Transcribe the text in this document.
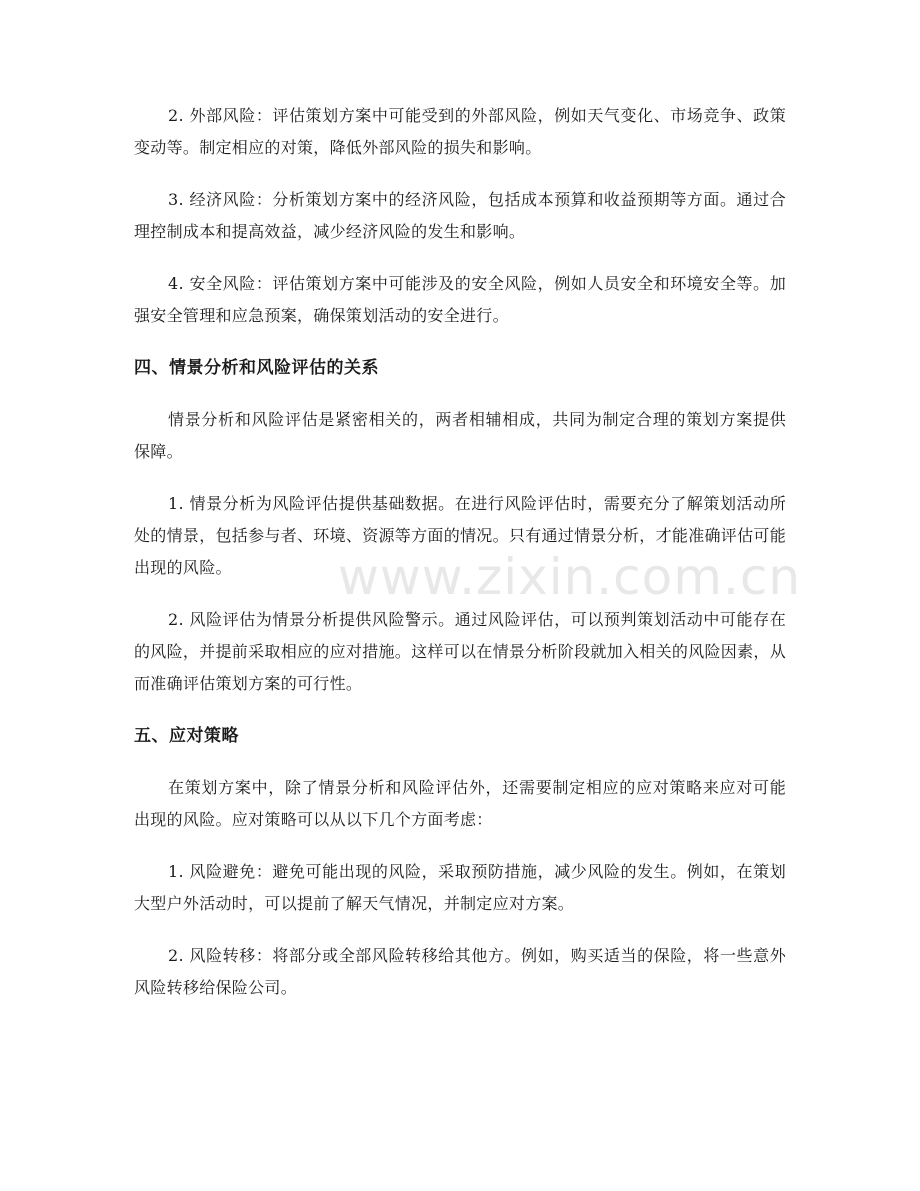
2. 外部风险：评估策划方案中可能受到的外部风险，例如天气变化、市场竞争、政策变动等。制定相应的对策，降低外部风险的损失和影响。

3. 经济风险：分析策划方案中的经济风险，包括成本预算和收益预期等方面。通过合理控制成本和提高效益，减少经济风险的发生和影响。

4. 安全风险：评估策划方案中可能涉及的安全风险，例如人员安全和环境安全等。加强安全管理和应急预案，确保策划活动的安全进行。

四、情景分析和风险评估的关系

情景分析和风险评估是紧密相关的，两者相辅相成，共同为制定合理的策划方案提供保障。

1. 情景分析为风险评估提供基础数据。在进行风险评估时，需要充分了解策划活动所处的情景，包括参与者、环境、资源等方面的情况。只有通过情景分析，才能准确评估可能出现的风险。

2. 风险评估为情景分析提供风险警示。通过风险评估，可以预判策划活动中可能存在的风险，并提前采取相应的应对措施。这样可以在情景分析阶段就加入相关的风险因素，从而准确评估策划方案的可行性。

五、应对策略

在策划方案中，除了情景分析和风险评估外，还需要制定相应的应对策略来应对可能出现的风险。应对策略可以从以下几个方面考虑：

1. 风险避免：避免可能出现的风险，采取预防措施，减少风险的发生。例如，在策划大型户外活动时，可以提前了解天气情况，并制定应对方案。

2. 风险转移：将部分或全部风险转移给其他方。例如，购买适当的保险，将一些意外风险转移给保险公司。

www.zixin.com.cn
